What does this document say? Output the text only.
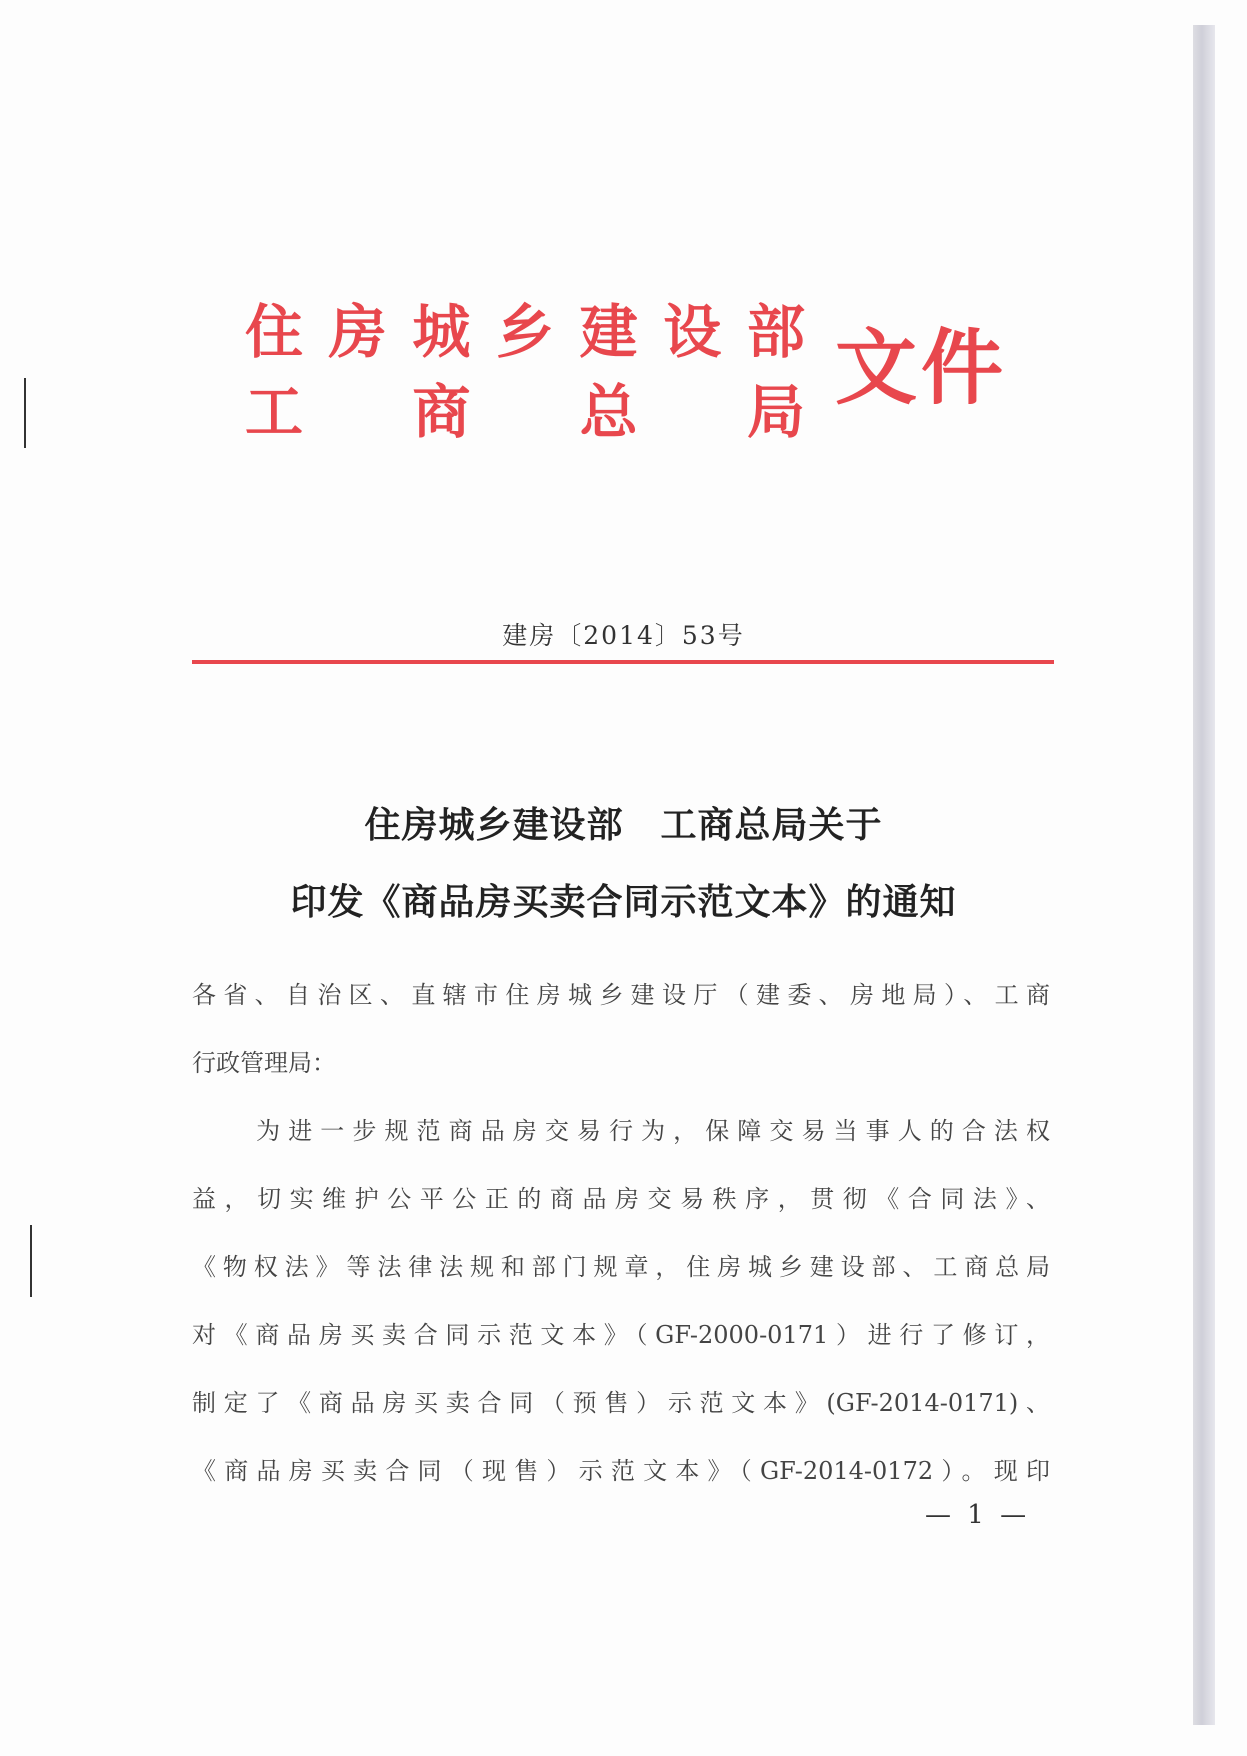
住 房 城 乡 建 设 部
工 商 总 局 文件
建房〔2014〕53号
住房城乡建设部　工商总局关于
印发《商品房买卖合同示范文本》的通知
各省、自治区、直辖市住房城乡建设厅（建委、房地局）、工商
行政管理局：
　　为进一步规范商品房交易行为，保障交易当事人的合法权
益，切实维护公平公正的商品房交易秩序，贯彻《合同法》、
《物权法》等法律法规和部门规章，住房城乡建设部、工商总局
对《商品房买卖合同示范文本》（GF-2000-0171）进行了修订，
制定了《商品房买卖合同（预售）示范文本》(GF-2014-0171)、
《商品房买卖合同（现售）示范文本》（GF-2014-0172）。现印
— 1 —
